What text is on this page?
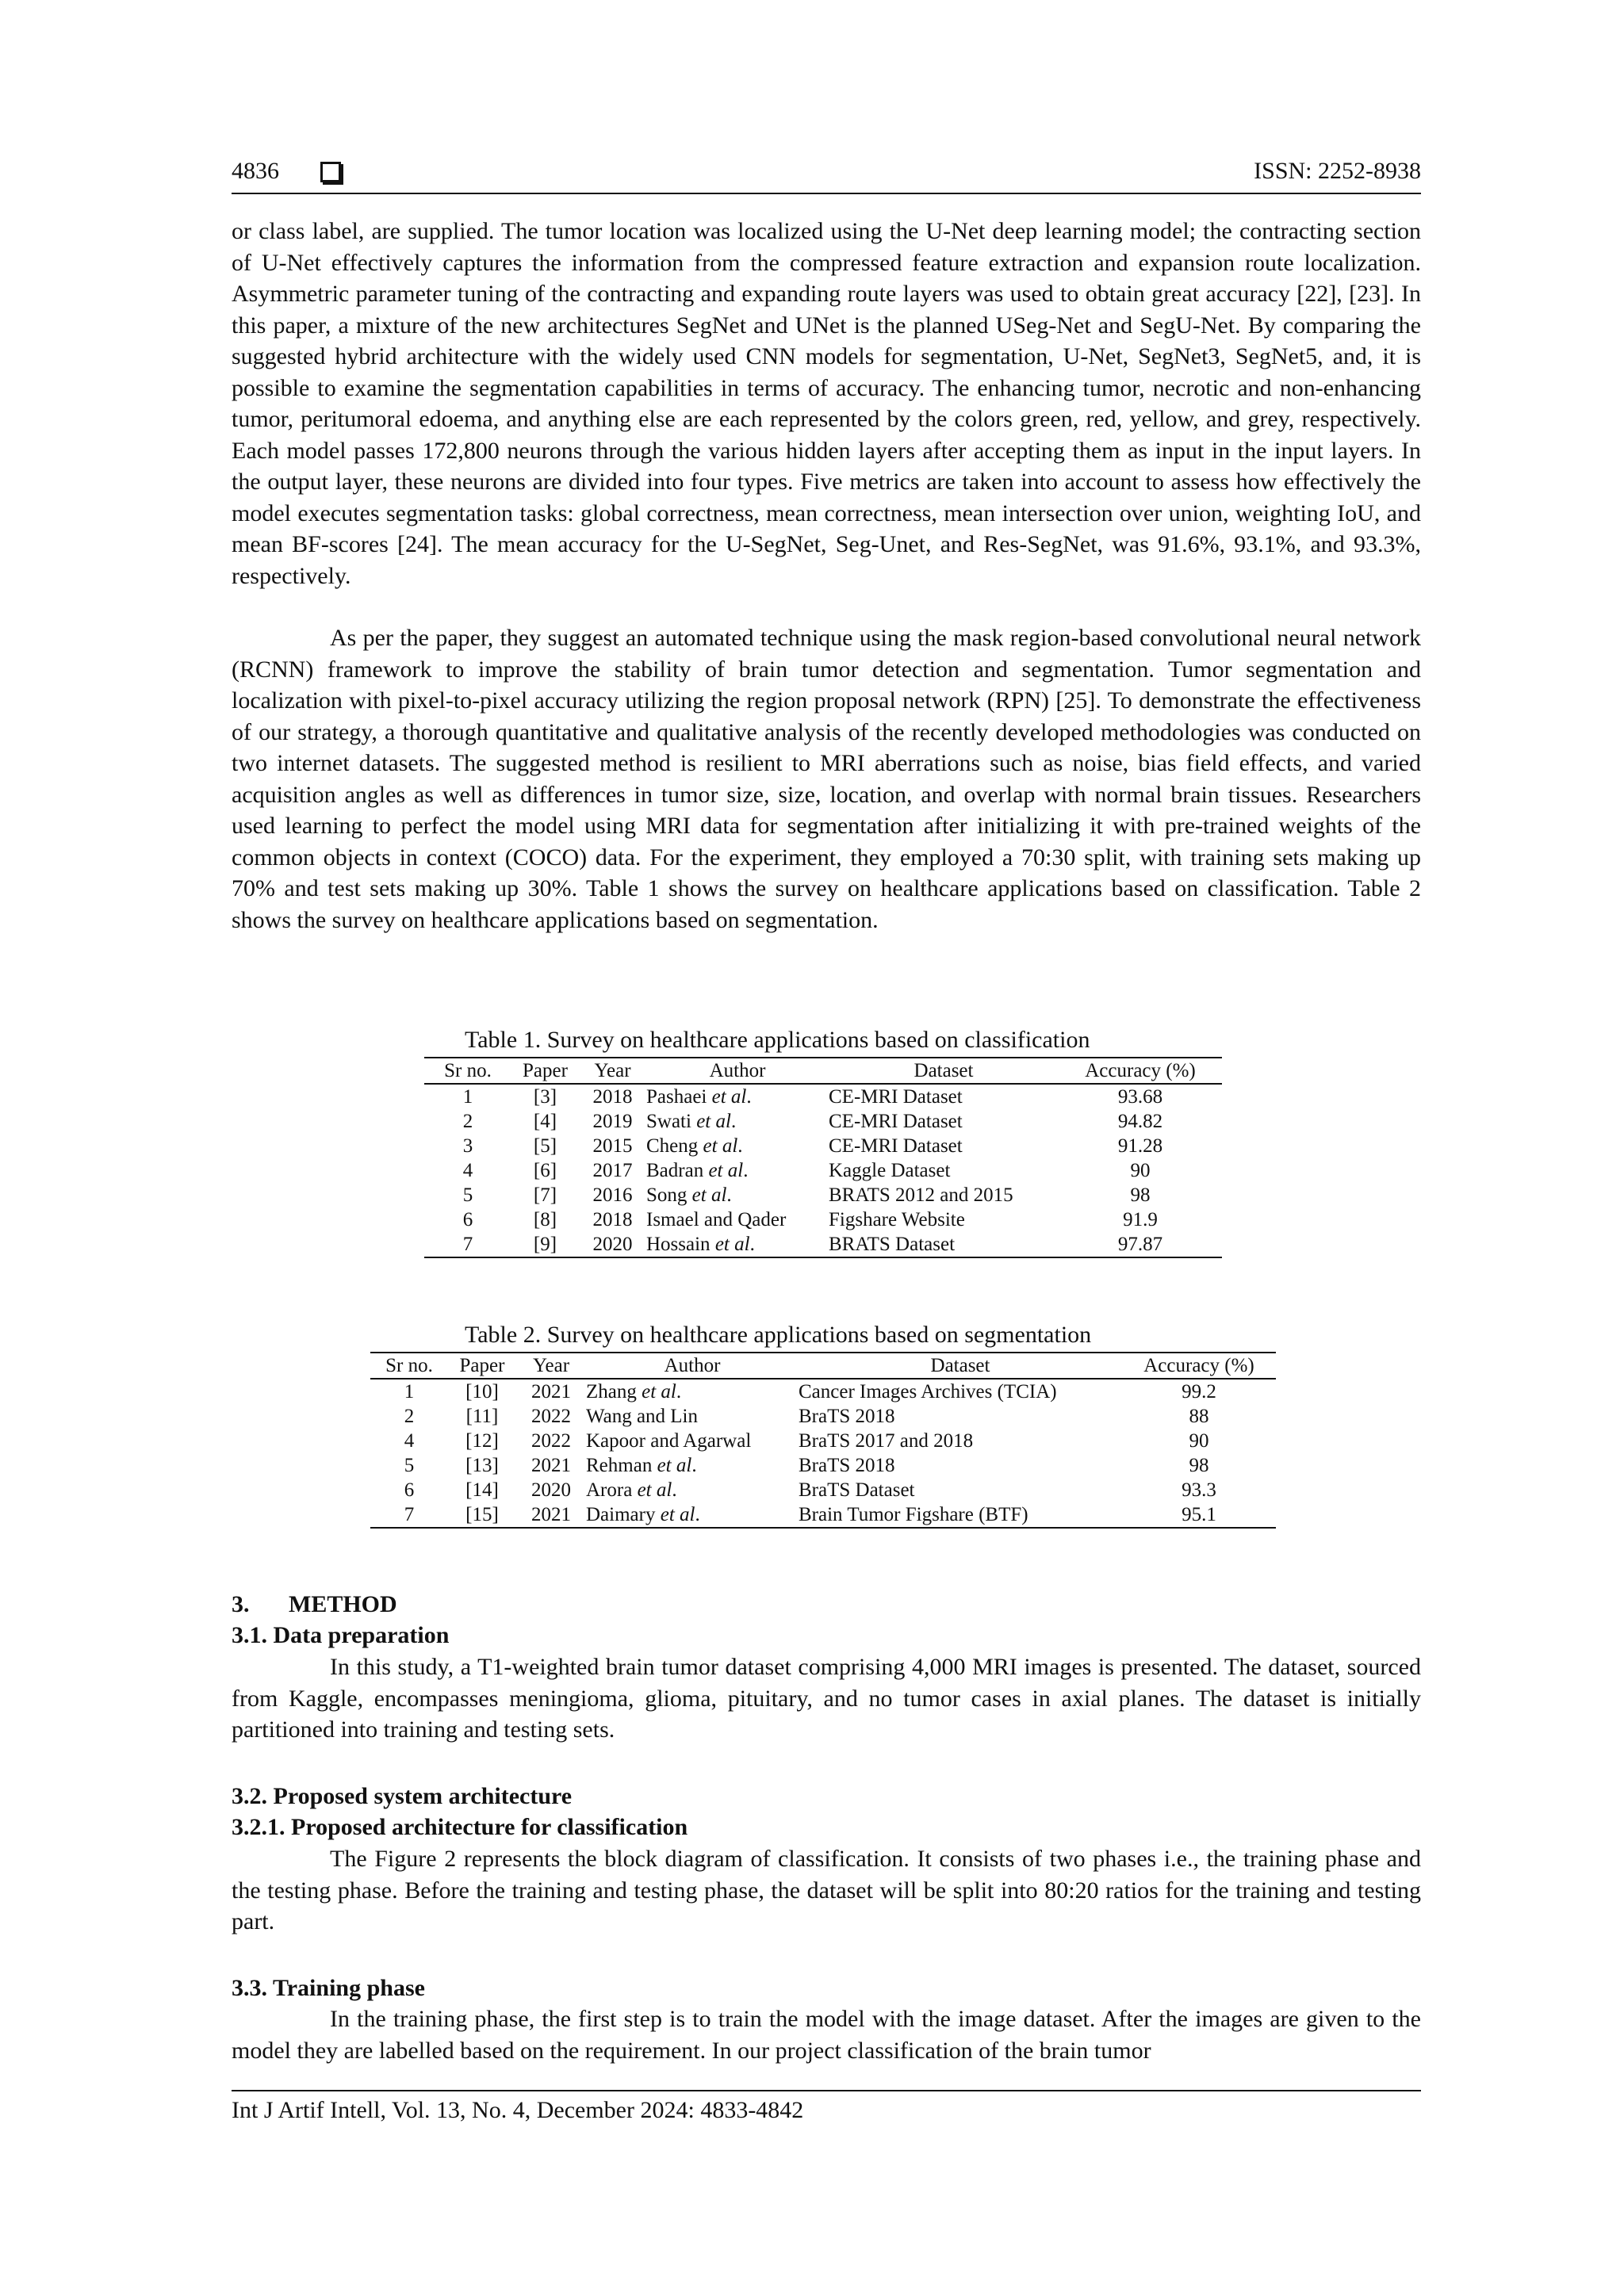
4836	ISSN: 2252-8938

or class label, are supplied. The tumor location was localized using the U-Net deep learning model; the contracting section of U-Net effectively captures the information from the compressed feature extraction and expansion route localization. Asymmetric parameter tuning of the contracting and expanding route layers was used to obtain great accuracy [22], [23]. In this paper, a mixture of the new architectures SegNet and UNet is the planned USeg-Net and SegU-Net. By comparing the suggested hybrid architecture with the widely used CNN models for segmentation, U-Net, SegNet3, SegNet5, and, it is possible to examine the segmentation capabilities in terms of accuracy. The enhancing tumor, necrotic and non-enhancing tumor, peritumoral edoema, and anything else are each represented by the colors green, red, yellow, and grey, respectively. Each model passes 172,800 neurons through the various hidden layers after accepting them as input in the input layers. In the output layer, these neurons are divided into four types. Five metrics are taken into account to assess how effectively the model executes segmentation tasks: global correctness, mean correctness, mean intersection over union, weighting IoU, and mean BF-scores [24]. The mean accuracy for the U-SegNet, Seg-Unet, and Res-SegNet, was 91.6%, 93.1%, and 93.3%, respectively.

As per the paper, they suggest an automated technique using the mask region-based convolutional neural network (RCNN) framework to improve the stability of brain tumor detection and segmentation. Tumor segmentation and localization with pixel-to-pixel accuracy utilizing the region proposal network (RPN) [25]. To demonstrate the effectiveness of our strategy, a thorough quantitative and qualitative analysis of the recently developed methodologies was conducted on two internet datasets. The suggested method is resilient to MRI aberrations such as noise, bias field effects, and varied acquisition angles as well as differences in tumor size, size, location, and overlap with normal brain tissues. Researchers used learning to perfect the model using MRI data for segmentation after initializing it with pre-trained weights of the common objects in context (COCO) data. For the experiment, they employed a 70:30 split, with training sets making up 70% and test sets making up 30%. Table 1 shows the survey on healthcare applications based on classification. Table 2 shows the survey on healthcare applications based on segmentation.

Table 1. Survey on healthcare applications based on classification

Sr no.	Paper	Year	Author	Dataset	Accuracy (%)
1	[3]	2018	Pashaei et al.	CE-MRI Dataset	93.68
2	[4]	2019	Swati et al.	CE-MRI Dataset	94.82
3	[5]	2015	Cheng et al.	CE-MRI Dataset	91.28
4	[6]	2017	Badran et al.	Kaggle Dataset	90
5	[7]	2016	Song et al.	BRATS 2012 and 2015	98
6	[8]	2018	Ismael and Qader	Figshare Website	91.9
7	[9]	2020	Hossain et al.	BRATS Dataset	97.87

Table 2. Survey on healthcare applications based on segmentation

Sr no.	Paper	Year	Author	Dataset	Accuracy (%)
1	[10]	2021	Zhang et al.	Cancer Images Archives (TCIA)	99.2
2	[11]	2022	Wang and Lin	BraTS 2018	88
4	[12]	2022	Kapoor and Agarwal	BraTS 2017 and 2018	90
5	[13]	2021	Rehman et al.	BraTS 2018	98
6	[14]	2020	Arora et al.	BraTS Dataset	93.3
7	[15]	2021	Daimary et al.	Brain Tumor Figshare (BTF)	95.1

3. METHOD

3.1. Data preparation

In this study, a T1-weighted brain tumor dataset comprising 4,000 MRI images is presented. The dataset, sourced from Kaggle, encompasses meningioma, glioma, pituitary, and no tumor cases in axial planes. The dataset is initially partitioned into training and testing sets.

3.2. Proposed system architecture

3.2.1. Proposed architecture for classification

The Figure 2 represents the block diagram of classification. It consists of two phases i.e., the training phase and the testing phase. Before the training and testing phase, the dataset will be split into 80:20 ratios for the training and testing part.

3.3. Training phase

In the training phase, the first step is to train the model with the image dataset. After the images are given to the model they are labelled based on the requirement. In our project classification of the brain tumor

Int J Artif Intell, Vol. 13, No. 4, December 2024: 4833-4842
